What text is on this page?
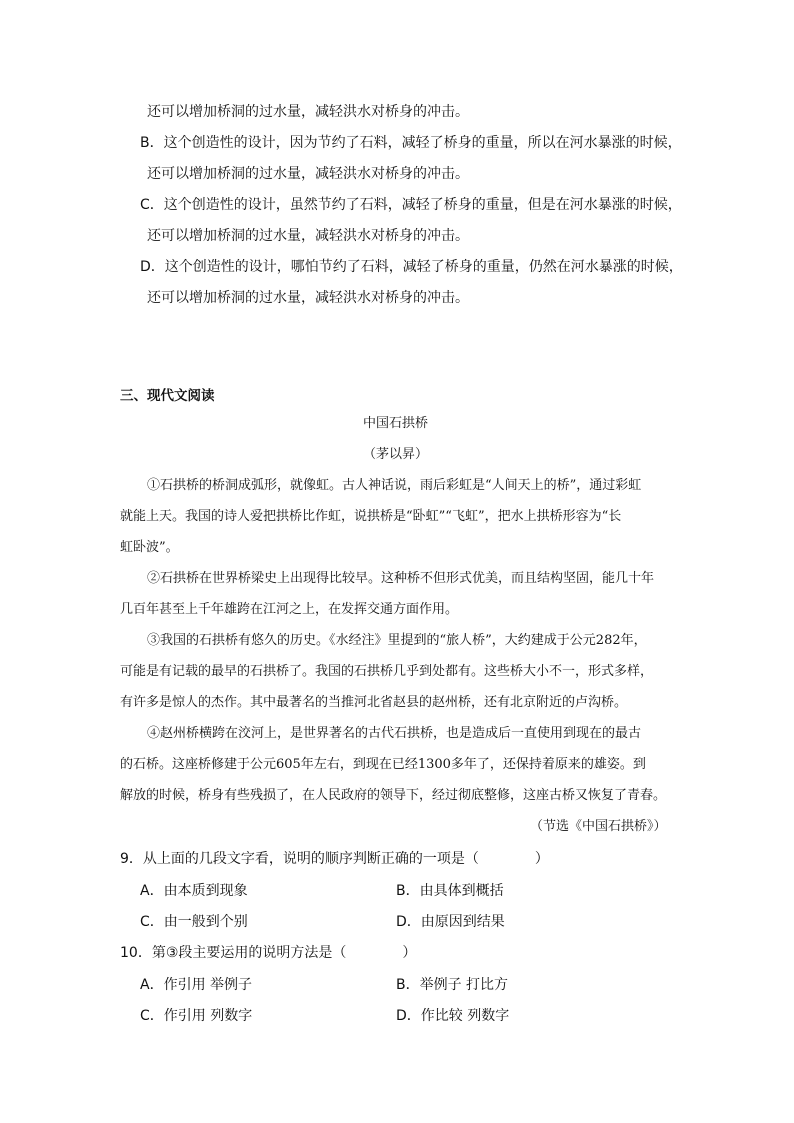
还可以增加桥洞的过水量，减轻洪水对桥身的冲击。
B．这个创造性的设计，因为节约了石料，减轻了桥身的重量，所以在河水暴涨的时候，
还可以增加桥洞的过水量，减轻洪水对桥身的冲击。
C．这个创造性的设计，虽然节约了石料，减轻了桥身的重量，但是在河水暴涨的时候，
还可以增加桥洞的过水量，减轻洪水对桥身的冲击。
D．这个创造性的设计，哪怕节约了石料，减轻了桥身的重量，仍然在河水暴涨的时候，
还可以增加桥洞的过水量，减轻洪水对桥身的冲击。
三、现代文阅读
中国石拱桥
（茅以昇）
①石拱桥的桥洞成弧形，就像虹。古人神话说，雨后彩虹是“人间天上的桥”，通过彩虹
就能上天。我国的诗人爱把拱桥比作虹，说拱桥是“卧虹”“飞虹”，把水上拱桥形容为“长
虹卧波”。
②石拱桥在世界桥梁史上出现得比较早。这种桥不但形式优美，而且结构坚固，能几十年
几百年甚至上千年雄跨在江河之上，在发挥交通方面作用。
③我国的石拱桥有悠久的历史。《水经注》里提到的“旅人桥”，大约建成于公元282年，
可能是有记载的最早的石拱桥了。我国的石拱桥几乎到处都有。这些桥大小不一，形式多样，
有许多是惊人的杰作。其中最著名的当推河北省赵县的赵州桥，还有北京附近的卢沟桥。
④赵州桥横跨在洨河上，是世界著名的古代石拱桥，也是造成后一直使用到现在的最古
的石桥。这座桥修建于公元605年左右，到现在已经1300多年了，还保持着原来的雄姿。到
解放的时候，桥身有些残损了，在人民政府的领导下，经过彻底整修，这座古桥又恢复了青春。
（节选《中国石拱桥》）
9．从上面的几段文字看，说明的顺序判断正确的一项是（　　　　）
A．由本质到现象	B．由具体到概括
C．由一般到个别	D．由原因到结果
10．第③段主要运用的说明方法是（　　　　）
A．作引用 举例子	B．举例子 打比方
C．作引用 列数字	D．作比较 列数字
